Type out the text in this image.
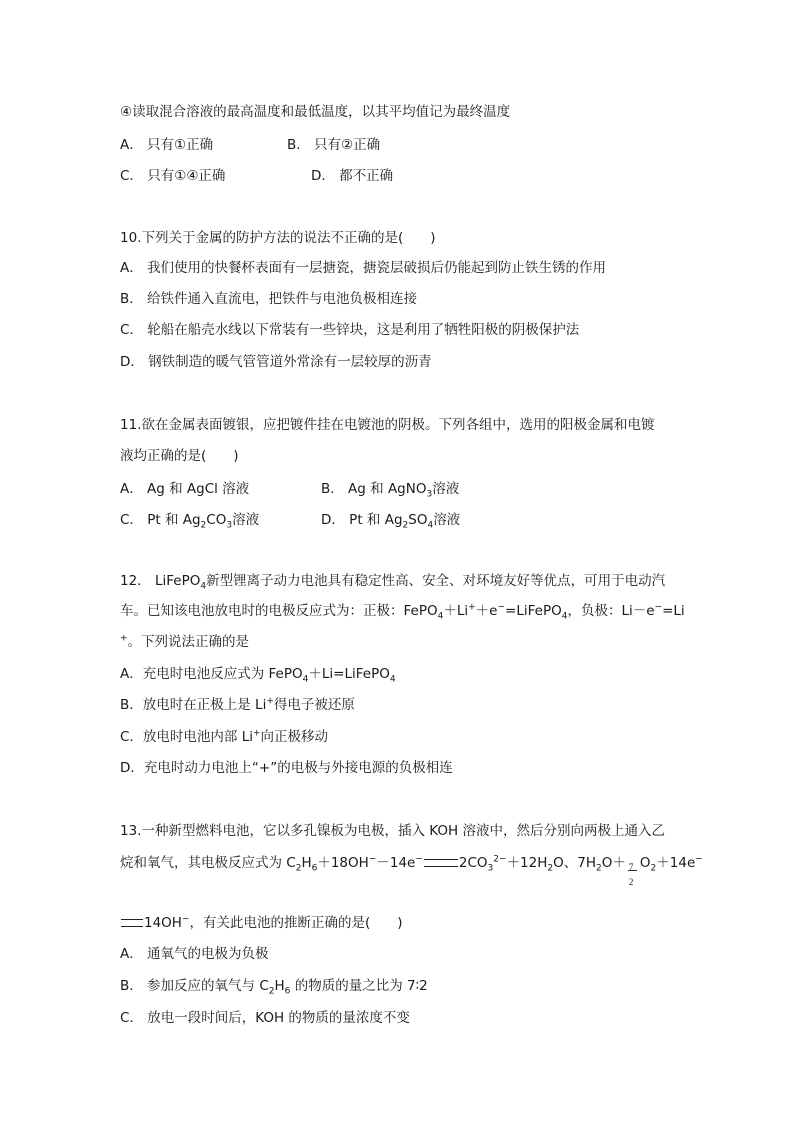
④读取混合溶液的最高温度和最低温度，以其平均值记为最终温度
A． 只有①正确	B． 只有②正确
C． 只有①④正确	D． 都不正确
10.下列关于金属的防护方法的说法不正确的是(　　)
A． 我们使用的快餐杯表面有一层搪瓷，搪瓷层破损后仍能起到防止铁生锈的作用
B． 给铁件通入直流电，把铁件与电池负极相连接
C． 轮船在船壳水线以下常装有一些锌块，这是利用了牺牲阳极的阴极保护法
D． 钢铁制造的暖气管管道外常涂有一层较厚的沥青
11.欲在金属表面镀银，应把镀件挂在电镀池的阴极。下列各组中，选用的阳极金属和电镀
液均正确的是(　　)
A． Ag 和 AgCl 溶液	B． Ag 和 AgNO$_3$溶液
C． Pt 和 $Ag_2CO_3$溶液	D． Pt 和 $Ag_2SO_4$溶液
12． LiFePO$_4$新型锂离子动力电池具有稳定性高、安全、对环境友好等优点，可用于电动汽
车。已知该电池放电时的电极反应式为：正极：FePO$_4$＋Li+＋e−=LiFePO$_4$，负极：Li－e−=Li
+。下列说法正确的是
A．充电时电池反应式为 FePO$_4$＋Li=LiFePO$_4$
B．放电时在正极上是 Li+得电子被还原
C．放电时电池内部 Li+向正极移动
D．充电时动力电池上“+”的电极与外接电源的负极相连
13.一种新型燃料电池，它以多孔镍板为电极，插入 KOH 溶液中，然后分别向两极上通入乙
烷和氧气，其电极反应式为 $C_2H_6+18OH^--14e^-$	$2CO_3^{2-}+12H_2O$、$7H_2O+ \frac{7}{2} O_2+14e^-$
14OH−，有关此电池的推断正确的是(　　)
A． 通氧气的电极为负极
B． 参加反应的氧气与 $C_2H_6$ 的物质的量之比为 7∶2
C． 放电一段时间后，KOH 的物质的量浓度不变
